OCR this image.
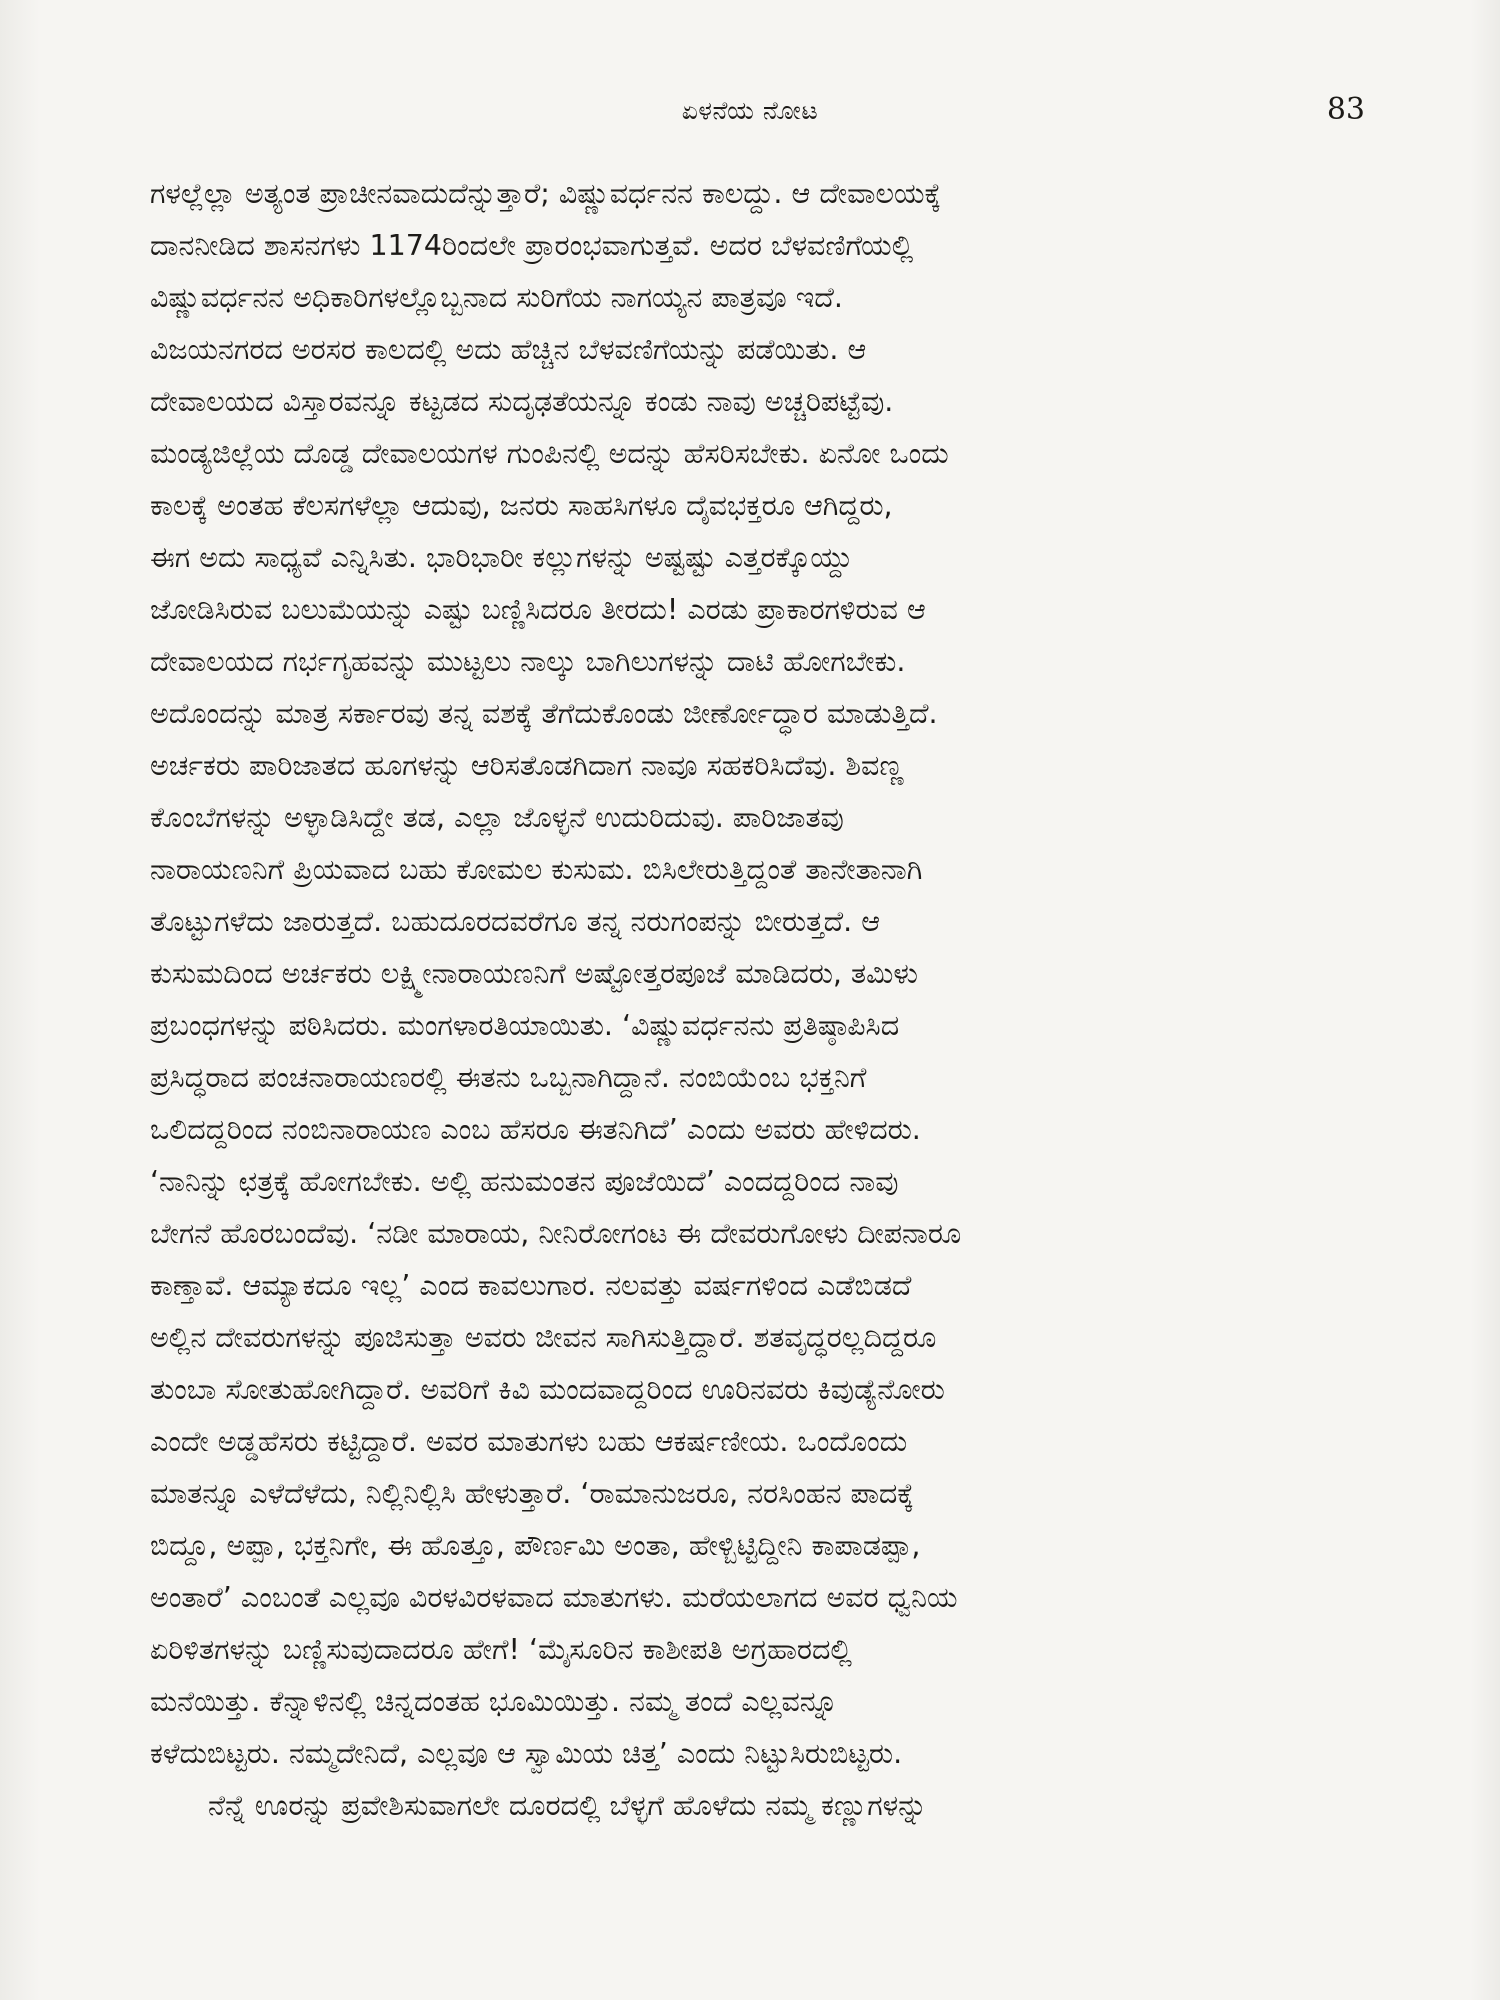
ಏಳನೆಯ ನೋಟ	83
ಗಳಲ್ಲೆಲ್ಲಾ ಅತ್ಯಂತ ಪ್ರಾಚೀನವಾದುದೆನ್ನುತ್ತಾರೆ; ವಿಷ್ಣುವರ್ಧನನ ಕಾಲದ್ದು. ಆ ದೇವಾಲಯಕ್ಕೆ
ದಾನನೀಡಿದ ಶಾಸನಗಳು 1174ರಿಂದಲೇ ಪ್ರಾರಂಭವಾಗುತ್ತವೆ. ಅದರ ಬೆಳವಣಿಗೆಯಲ್ಲಿ
ವಿಷ್ಣುವರ್ಧನನ ಅಧಿಕಾರಿಗಳಲ್ಲೊಬ್ಬನಾದ ಸುರಿಗೆಯ ನಾಗಯ್ಯನ ಪಾತ್ರವೂ ಇದೆ.
ವಿಜಯನಗರದ ಅರಸರ ಕಾಲದಲ್ಲಿ ಅದು ಹೆಚ್ಚಿನ ಬೆಳವಣಿಗೆಯನ್ನು ಪಡೆಯಿತು. ಆ
ದೇವಾಲಯದ ವಿಸ್ತಾರವನ್ನೂ ಕಟ್ಟಡದ ಸುದೃಢತೆಯನ್ನೂ ಕಂಡು ನಾವು ಅಚ್ಚರಿಪಟ್ಟೆವು.
ಮಂಡ್ಯಜಿಲ್ಲೆಯ ದೊಡ್ಡ ದೇವಾಲಯಗಳ ಗುಂಪಿನಲ್ಲಿ ಅದನ್ನು ಹೆಸರಿಸಬೇಕು. ಏನೋ ಒಂದು
ಕಾಲಕ್ಕೆ ಅಂತಹ ಕೆಲಸಗಳೆಲ್ಲಾ ಆದುವು, ಜನರು ಸಾಹಸಿಗಳೂ ದೈವಭಕ್ತರೂ ಆಗಿದ್ದರು,
ಈಗ ಅದು ಸಾಧ್ಯವೆ ಎನ್ನಿಸಿತು. ಭಾರಿಭಾರೀ ಕಲ್ಲುಗಳನ್ನು ಅಷ್ಟಷ್ಟು ಎತ್ತರಕ್ಕೊಯ್ದು
ಜೋಡಿಸಿರುವ ಬಲುಮೆಯನ್ನು ಎಷ್ಟು ಬಣ್ಣಿಸಿದರೂ ತೀರದು! ಎರಡು ಪ್ರಾಕಾರಗಳಿರುವ ಆ
ದೇವಾಲಯದ ಗರ್ಭಗೃಹವನ್ನು ಮುಟ್ಟಲು ನಾಲ್ಕು ಬಾಗಿಲುಗಳನ್ನು ದಾಟಿ ಹೋಗಬೇಕು.
ಅದೊಂದನ್ನು ಮಾತ್ರ ಸರ್ಕಾರವು ತನ್ನ ವಶಕ್ಕೆ ತೆಗೆದುಕೊಂಡು ಜೀರ್ಣೋದ್ಧಾರ ಮಾಡುತ್ತಿದೆ.
ಅರ್ಚಕರು ಪಾರಿಜಾತದ ಹೂಗಳನ್ನು ಆರಿಸತೊಡಗಿದಾಗ ನಾವೂ ಸಹಕರಿಸಿದೆವು. ಶಿವಣ್ಣ
ಕೊಂಬೆಗಳನ್ನು ಅಳ್ಳಾಡಿಸಿದ್ದೇ ತಡ, ಎಲ್ಲಾ ಜೊಳ್ಳನೆ ಉದುರಿದುವು. ಪಾರಿಜಾತವು
ನಾರಾಯಣನಿಗೆ ಪ್ರಿಯವಾದ ಬಹು ಕೋಮಲ ಕುಸುಮ. ಬಿಸಿಲೇರುತ್ತಿದ್ದಂತೆ ತಾನೇತಾನಾಗಿ
ತೊಟ್ಟುಗಳೆದು ಜಾರುತ್ತದೆ. ಬಹುದೂರದವರೆಗೂ ತನ್ನ ನರುಗಂಪನ್ನು ಬೀರುತ್ತದೆ. ಆ
ಕುಸುಮದಿಂದ ಅರ್ಚಕರು ಲಕ್ಷ್ಮೀನಾರಾಯಣನಿಗೆ ಅಷ್ಟೋತ್ತರಪೂಜೆ ಮಾಡಿದರು, ತಮಿಳು
ಪ್ರಬಂಧಗಳನ್ನು ಪಠಿಸಿದರು. ಮಂಗಳಾರತಿಯಾಯಿತು. ‘ವಿಷ್ಣುವರ್ಧನನು ಪ್ರತಿಷ್ಠಾಪಿಸಿದ
ಪ್ರಸಿದ್ಧರಾದ ಪಂಚನಾರಾಯಣರಲ್ಲಿ ಈತನು ಒಬ್ಬನಾಗಿದ್ದಾನೆ. ನಂಬಿಯೆಂಬ ಭಕ್ತನಿಗೆ
ಒಲಿದದ್ದರಿಂದ ನಂಬಿನಾರಾಯಣ ಎಂಬ ಹೆಸರೂ ಈತನಿಗಿದೆ’ ಎಂದು ಅವರು ಹೇಳಿದರು.
‘ನಾನಿನ್ನು ಛತ್ರಕ್ಕೆ ಹೋಗಬೇಕು. ಅಲ್ಲಿ ಹನುಮಂತನ ಪೂಜೆಯಿದೆ’ ಎಂದದ್ದರಿಂದ ನಾವು
ಬೇಗನೆ ಹೊರಬಂದೆವು. ‘ನಡೀ ಮಾರಾಯ, ನೀನಿರೋಗಂಟ ಈ ದೇವರುಗೋಳು ದೀಪನಾರೂ
ಕಾಣ್ತಾವೆ. ಆಮ್ಯಾಕದೂ ಇಲ್ಲ’ ಎಂದ ಕಾವಲುಗಾರ. ನಲವತ್ತು ವರ್ಷಗಳಿಂದ ಎಡೆಬಿಡದೆ
ಅಲ್ಲಿನ ದೇವರುಗಳನ್ನು ಪೂಜಿಸುತ್ತಾ ಅವರು ಜೀವನ ಸಾಗಿಸುತ್ತಿದ್ದಾರೆ. ಶತವೃದ್ಧರಲ್ಲದಿದ್ದರೂ
ತುಂಬಾ ಸೋತುಹೋಗಿದ್ದಾರೆ. ಅವರಿಗೆ ಕಿವಿ ಮಂದವಾದ್ದರಿಂದ ಊರಿನವರು ಕಿವುಡ್ಯೆನೋರು
ಎಂದೇ ಅಡ್ಡಹೆಸರು ಕಟ್ಟಿದ್ದಾರೆ. ಅವರ ಮಾತುಗಳು ಬಹು ಆಕರ್ಷಣೀಯ. ಒಂದೊಂದು
ಮಾತನ್ನೂ ಎಳೆದೆಳೆದು, ನಿಲ್ಲಿನಿಲ್ಲಿಸಿ ಹೇಳುತ್ತಾರೆ. ‘ರಾಮಾನುಜರೂ, ನರಸಿಂಹನ ಪಾದಕ್ಕೆ
ಬಿದ್ದೂ, ಅಪ್ಪಾ, ಭಕ್ತನಿಗೇ, ಈ ಹೊತ್ತೂ, ಪೌರ್ಣಮಿ ಅಂತಾ, ಹೇಳ್ಬಿಟ್ಟಿದ್ದೀನಿ ಕಾಪಾಡಪ್ಪಾ,
ಅಂತಾರೆ’ ಎಂಬಂತೆ ಎಲ್ಲವೂ ವಿರಳವಿರಳವಾದ ಮಾತುಗಳು. ಮರೆಯಲಾಗದ ಅವರ ಧ್ವನಿಯ
ಏರಿಳಿತಗಳನ್ನು ಬಣ್ಣಿಸುವುದಾದರೂ ಹೇಗೆ! ‘ಮೈಸೂರಿನ ಕಾಶೀಪತಿ ಅಗ್ರಹಾರದಲ್ಲಿ
ಮನೆಯಿತ್ತು. ಕೆನ್ನಾಳಿನಲ್ಲಿ ಚಿನ್ನದಂತಹ ಭೂಮಿಯಿತ್ತು. ನಮ್ಮ ತಂದೆ ಎಲ್ಲವನ್ನೂ
ಕಳೆದುಬಿಟ್ಟರು. ನಮ್ಮದೇನಿದೆ, ಎಲ್ಲವೂ ಆ ಸ್ವಾಮಿಯ ಚಿತ್ತ’ ಎಂದು ನಿಟ್ಟುಸಿರುಬಿಟ್ಟರು.
ನೆನ್ನೆ ಊರನ್ನು ಪ್ರವೇಶಿಸುವಾಗಲೇ ದೂರದಲ್ಲಿ ಬೆಳ್ಳಗೆ ಹೊಳೆದು ನಮ್ಮ ಕಣ್ಣುಗಳನ್ನು
